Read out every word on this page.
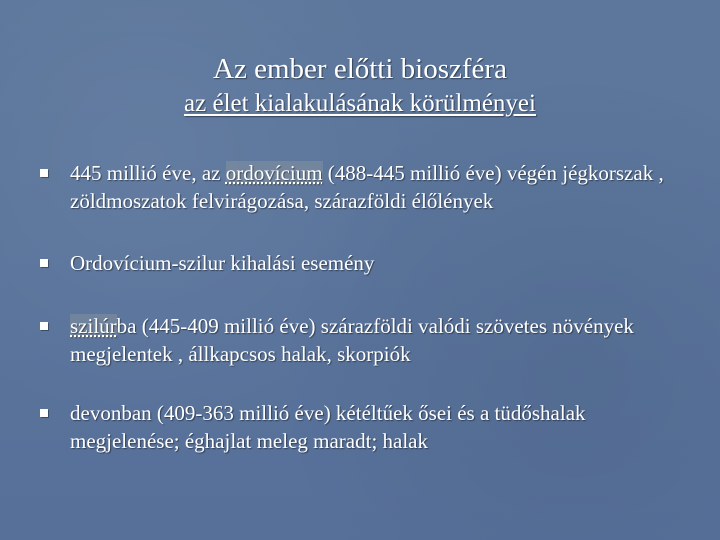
Az ember előtti bioszféra
az élet kialakulásának körülményei
445 millió éve, az ordovícium (488-445 millió éve) végén jégkorszak , zöldmoszatok felvirágozása, szárazföldi élőlények
Ordovícium-szilur kihalási esemény
szilúrba (445-409 millió éve) szárazföldi valódi szövetes növények megjelentek , állkapcsos halak, skorpiók
devonban (409-363 millió éve) kétéltűek ősei és a tüdőshalak megjelenése; éghajlat meleg maradt; halak
